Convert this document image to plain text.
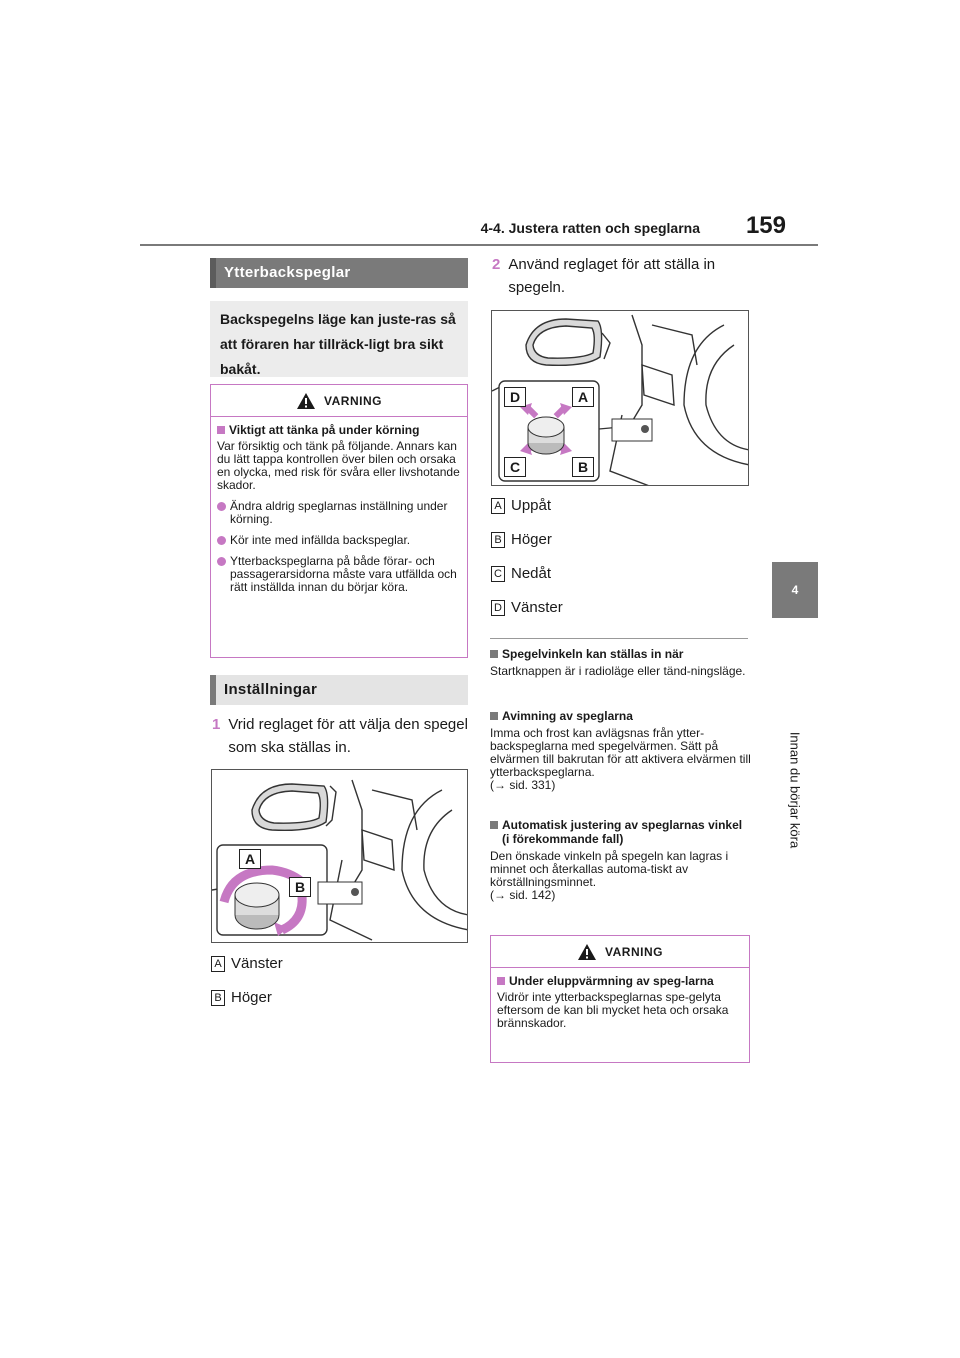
4-4. Justera ratten och speglarna	159
4
Innan du börjar köra
Ytterbackspeglar
Backspegelns läge kan juste-ras så att föraren har tillräck-ligt bra sikt bakåt.
VARNING
Viktigt att tänka på under körning
Var försiktig och tänk på följande. Annars kan du lätt tappa kontrollen över bilen och orsaka en olycka, med risk för svåra eller livshotande skador.
Ändra aldrig speglarnas inställning under körning.
Kör inte med infällda backspeglar.
Ytterbackspeglarna på både förar- och passagerarsidorna måste vara utfällda och rätt inställda innan du börjar köra.
Inställningar
1 Vrid reglaget för att välja den spegel som ska ställas in.
A
B
A Vänster
B Höger
2 Använd reglaget för att ställa in spegeln.
D	A
C	B
A Uppåt
B Höger
C Nedåt
D Vänster
Spegelvinkeln kan ställas in när
Startknappen är i radioläge eller tänd-ningsläge.
Avimning av speglarna
Imma och frost kan avlägsnas från ytter-backspeglarna med spegelvärmen. Sätt på elvärmen till bakrutan för att aktivera elvärmen till ytterbackspeglarna.
(→ sid. 331)
Automatisk justering av speglarnas vinkel (i förekommande fall)
Den önskade vinkeln på spegeln kan lagras i minnet och återkallas automa-tiskt av körställningsminnet.
(→ sid. 142)
VARNING
Under eluppvärmning av speg-larna
Vidrör inte ytterbackspeglarnas spe-gelyta eftersom de kan bli mycket heta och orsaka brännskador.
